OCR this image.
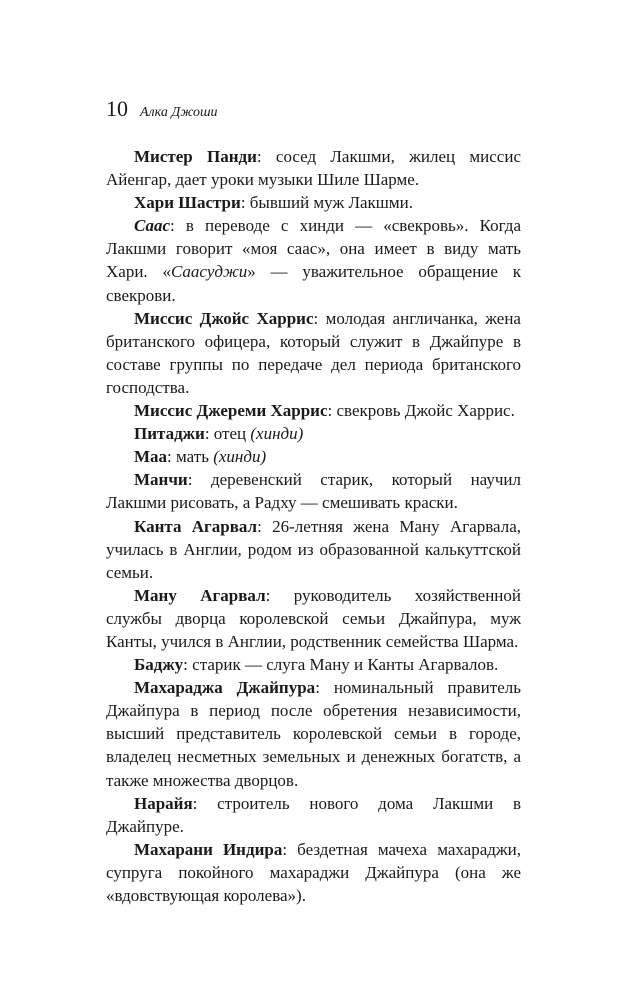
10 Алка Джоши

Мистер Панди: сосед Лакшми, жилец миссис Айенгар, дает уроки музыки Шиле Шарме.

Хари Шастри: бывший муж Лакшми.

Саас: в переводе с хинди — «свекровь». Когда Лакшми говорит «моя саас», она имеет в виду мать Хари. «Саасуджи» — уважительное обращение к свекрови.

Миссис Джойс Харрис: молодая англичанка, жена британского офицера, который служит в Джайпуре в составе группы по передаче дел периода британского господства.

Миссис Джереми Харрис: свекровь Джойс Харрис.

Питаджи: отец (хинди)

Маа: мать (хинди)

Манчи: деревенский старик, который научил Лакшми рисовать, а Радху — смешивать краски.

Канта Агарвал: 26-летняя жена Ману Агарвала, училась в Англии, родом из образованной калькуттской семьи.

Ману Агарвал: руководитель хозяйственной службы дворца королевской семьи Джайпура, муж Канты, учился в Англии, родственник семейства Шарма.

Баджу: старик — слуга Ману и Канты Агарвалов.

Махараджа Джайпура: номинальный правитель Джайпура в период после обретения независимости, высший представитель королевской семьи в городе, владелец несметных земельных и денежных богатств, а также множества дворцов.

Нарайя: строитель нового дома Лакшми в Джайпуре.

Махарани Индира: бездетная мачеха махараджи, супруга покойного махараджи Джайпура (она же «вдовствующая королева»).
